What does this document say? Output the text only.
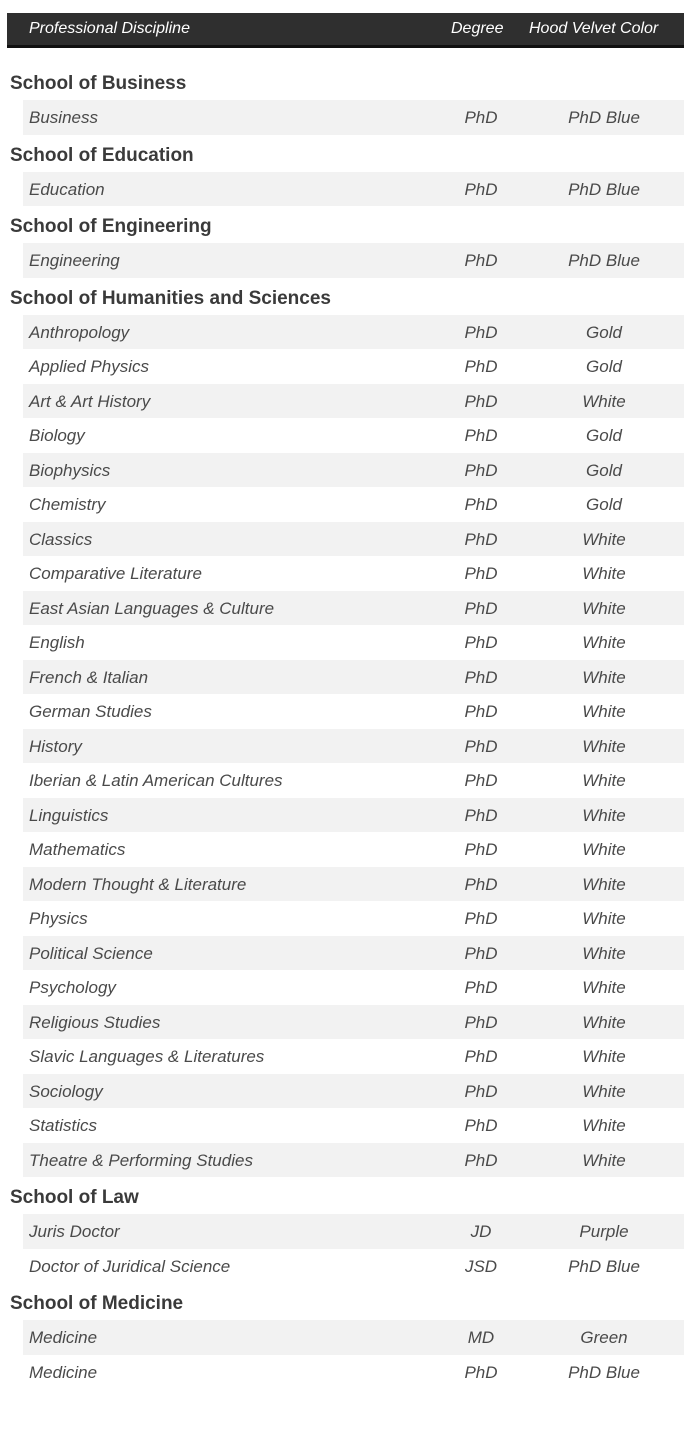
Professional Discipline	Degree Hood Velvet Color
School of Business
Business	PhD	PhD Blue
School of Education
Education	PhD	PhD Blue
School of Engineering
Engineering	PhD	PhD Blue
School of Humanities and Sciences
Anthropology	PhD	Gold
Applied Physics	PhD	Gold
Art & Art History	PhD	White
Biology	PhD	Gold
Biophysics	PhD	Gold
Chemistry	PhD	Gold
Classics	PhD	White
Comparative Literature	PhD	White
East Asian Languages & Culture	PhD	White
English	PhD	White
French & Italian	PhD	White
German Studies	PhD	White
History	PhD	White
Iberian & Latin American Cultures	PhD	White
Linguistics	PhD	White
Mathematics	PhD	White
Modern Thought & Literature	PhD	White
Physics	PhD	White
Political Science	PhD	White
Psychology	PhD	White
Religious Studies	PhD	White
Slavic Languages & Literatures	PhD	White
Sociology	PhD	White
Statistics	PhD	White
Theatre & Performing Studies	PhD	White
School of Law
Juris Doctor	JD	Purple
Doctor of Juridical Science	JSD	PhD Blue
School of Medicine
Medicine	MD	Green
Medicine	PhD	PhD Blue
